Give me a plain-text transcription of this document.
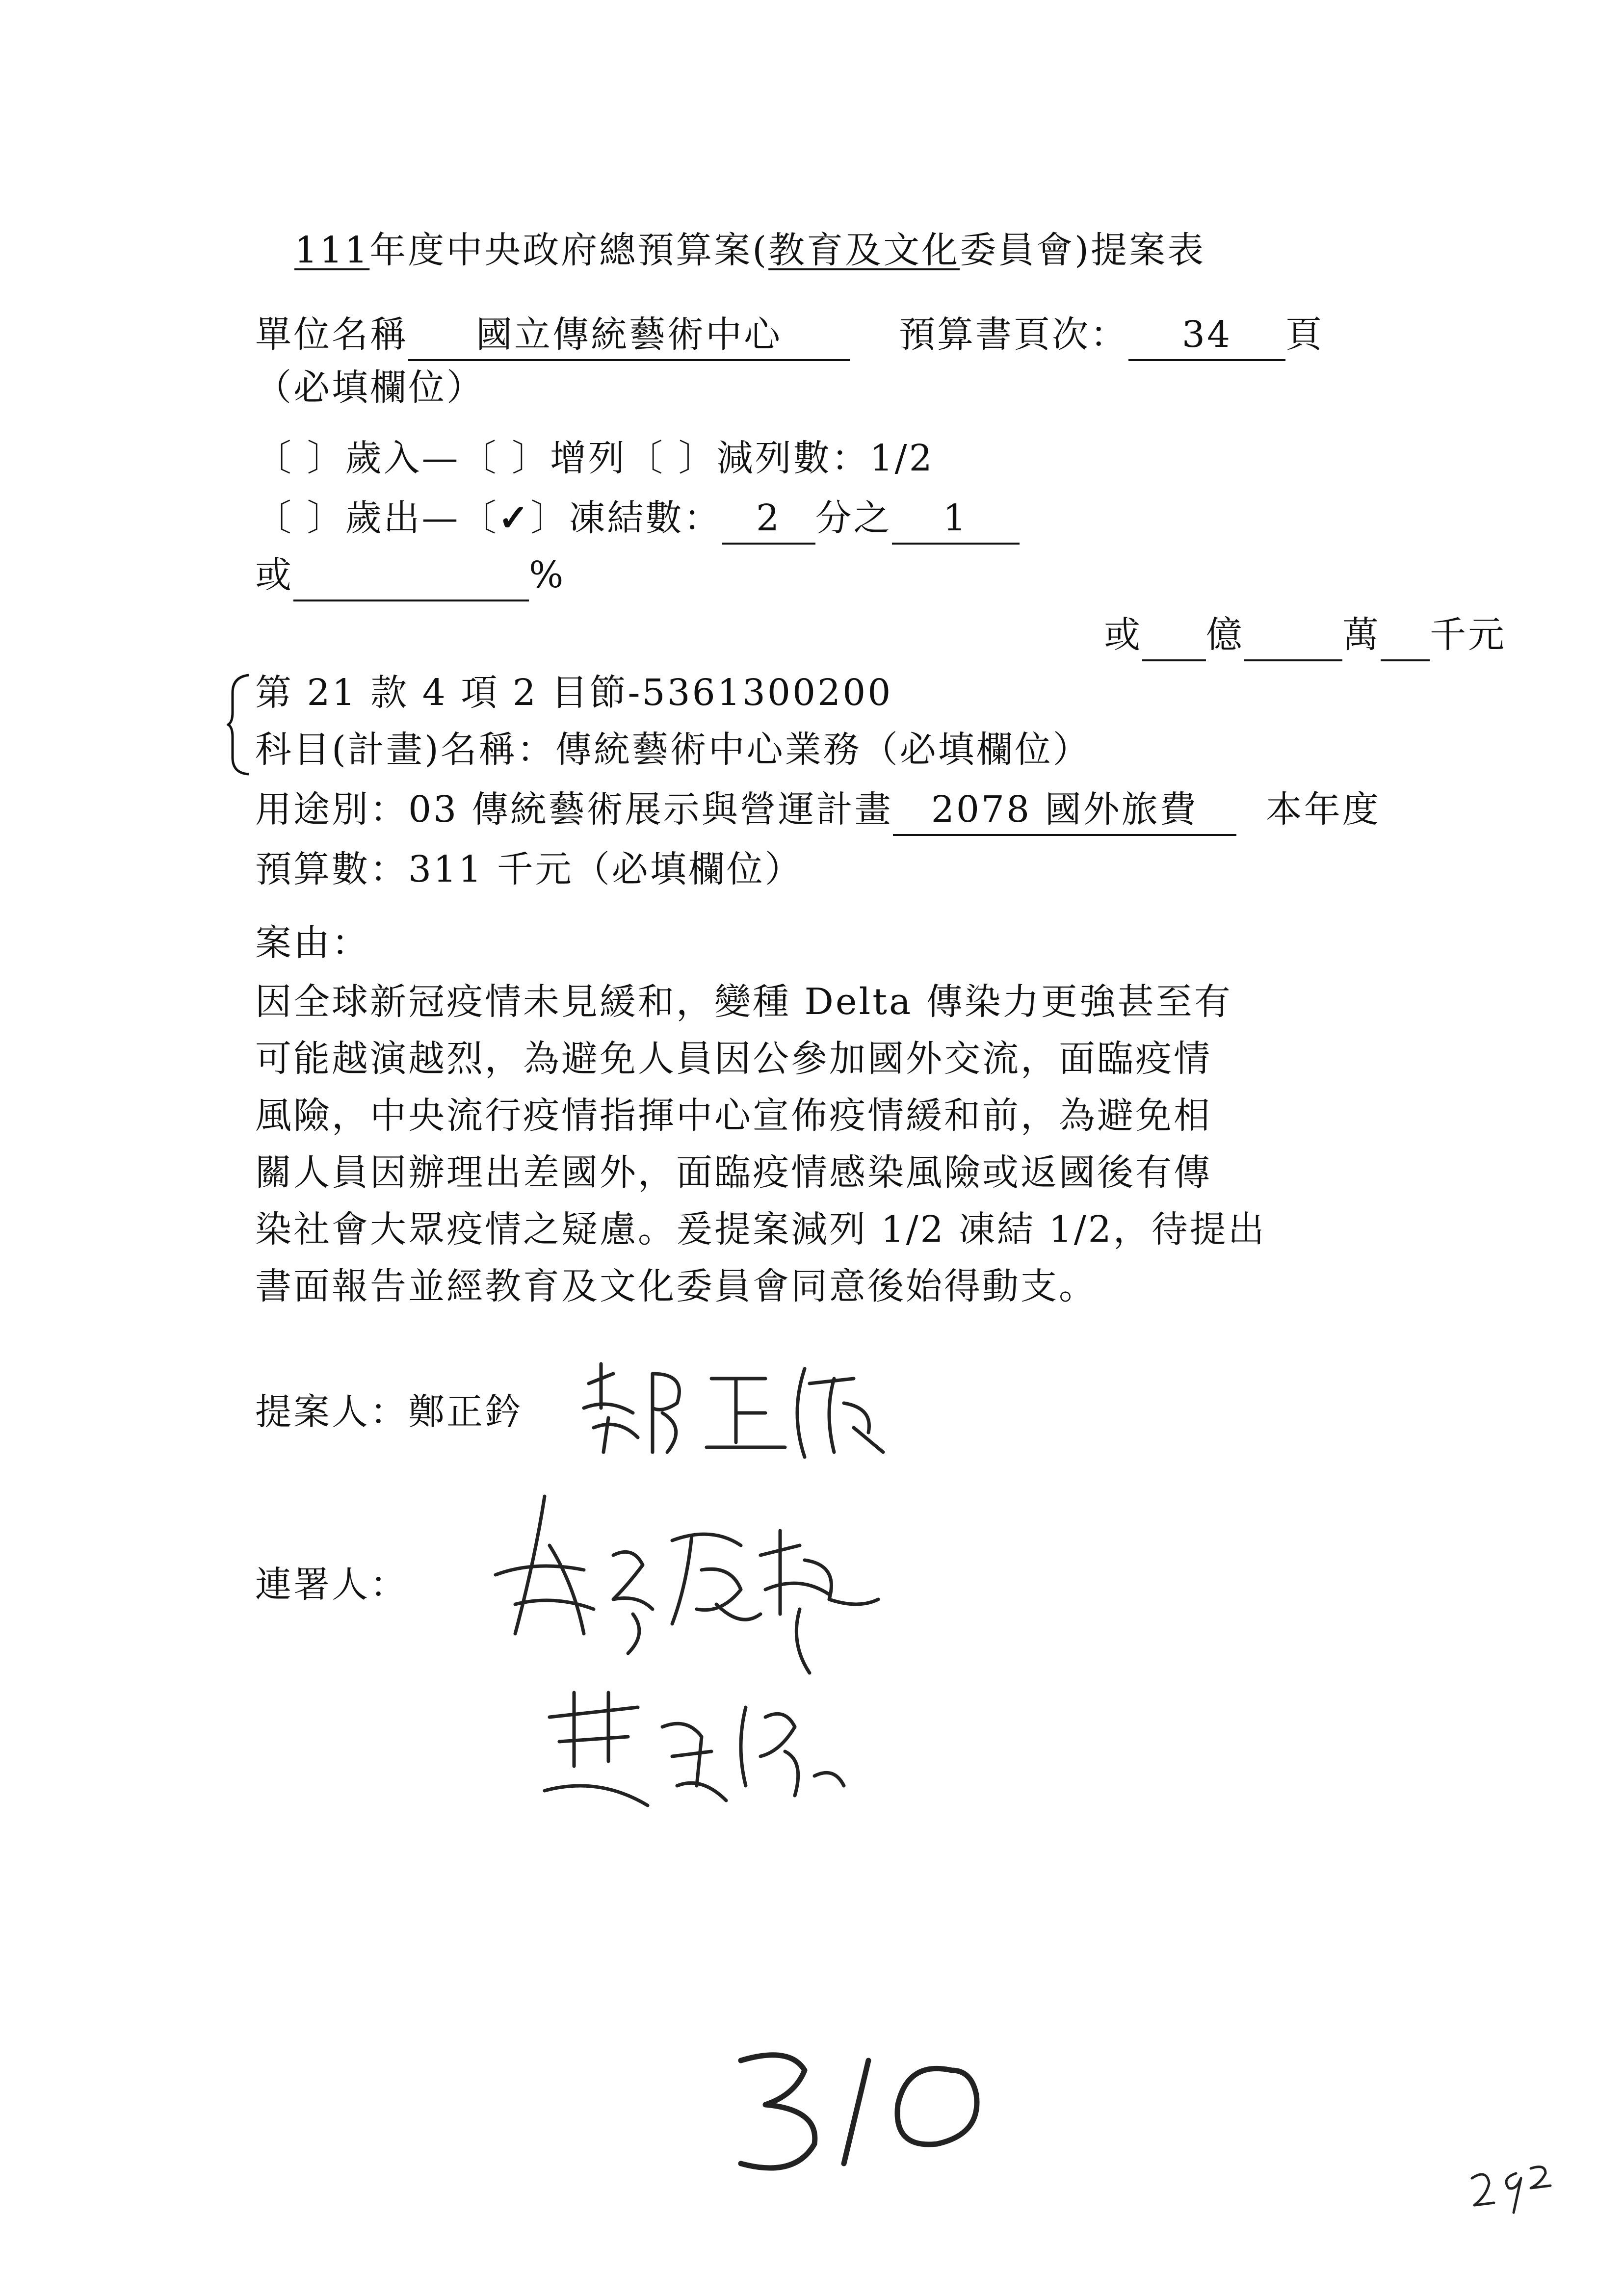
111年度中央政府總預算案(教育及文化委員會)提案表
單位名稱 國立傳統藝術中心	預算書頁次： 34 頁
（必填欄位）
〔 〕歲入—〔 〕增列〔 〕減列數：1/2
〔 〕歲出—〔✓〕凍結數： 2 分之 1
或	%
或 億	萬 千元
第 21 款 4 項 2 目節-5361300200
科目(計畫)名稱：傳統藝術中心業務（必填欄位）
用途別：03 傳統藝術展示與營運計畫 2078 國外旅費 本年度
預算數：311 千元（必填欄位）
案由：
因全球新冠疫情未見緩和，變種 Delta 傳染力更強甚至有
可能越演越烈，為避免人員因公參加國外交流，面臨疫情
風險，中央流行疫情指揮中心宣佈疫情緩和前，為避免相
關人員因辦理出差國外，面臨疫情感染風險或返國後有傳
染社會大眾疫情之疑慮。爰提案減列 1/2 凍結 1/2，待提出
書面報告並經教育及文化委員會同意後始得動支。
提案人：鄭正鈐
連署人：
